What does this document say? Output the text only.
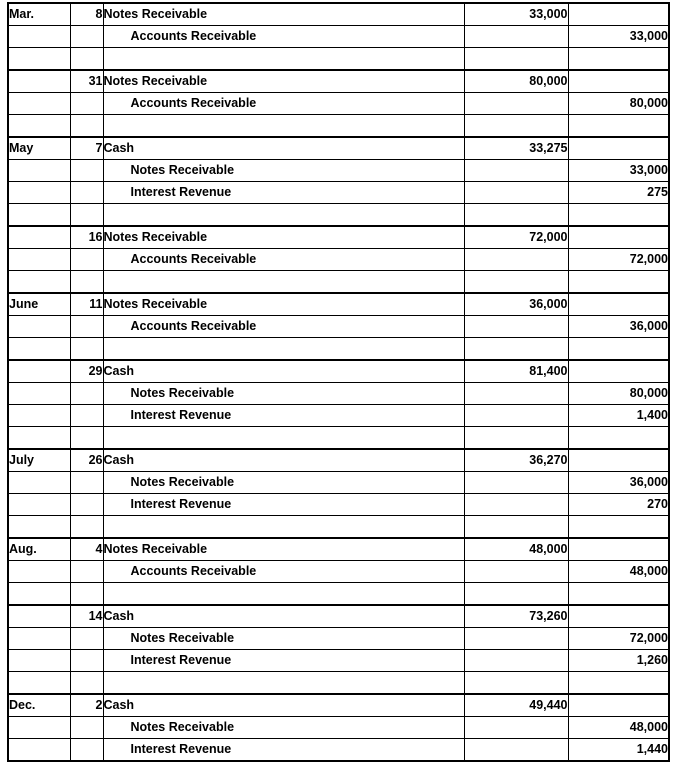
Mar.	8	Notes Receivable	33,000	
		Accounts Receivable		33,000

	31	Notes Receivable	80,000	
		Accounts Receivable		80,000

May	7	Cash	33,275	
		Notes Receivable		33,000
		Interest Revenue		275

	16	Notes Receivable	72,000	
		Accounts Receivable		72,000

June	11	Notes Receivable	36,000	
		Accounts Receivable		36,000

	29	Cash	81,400	
		Notes Receivable		80,000
		Interest Revenue		1,400

July	26	Cash	36,270	
		Notes Receivable		36,000
		Interest Revenue		270

Aug.	4	Notes Receivable	48,000	
		Accounts Receivable		48,000

	14	Cash	73,260	
		Notes Receivable		72,000
		Interest Revenue		1,260

Dec.	2	Cash	49,440	
		Notes Receivable		48,000
		Interest Revenue		1,440
